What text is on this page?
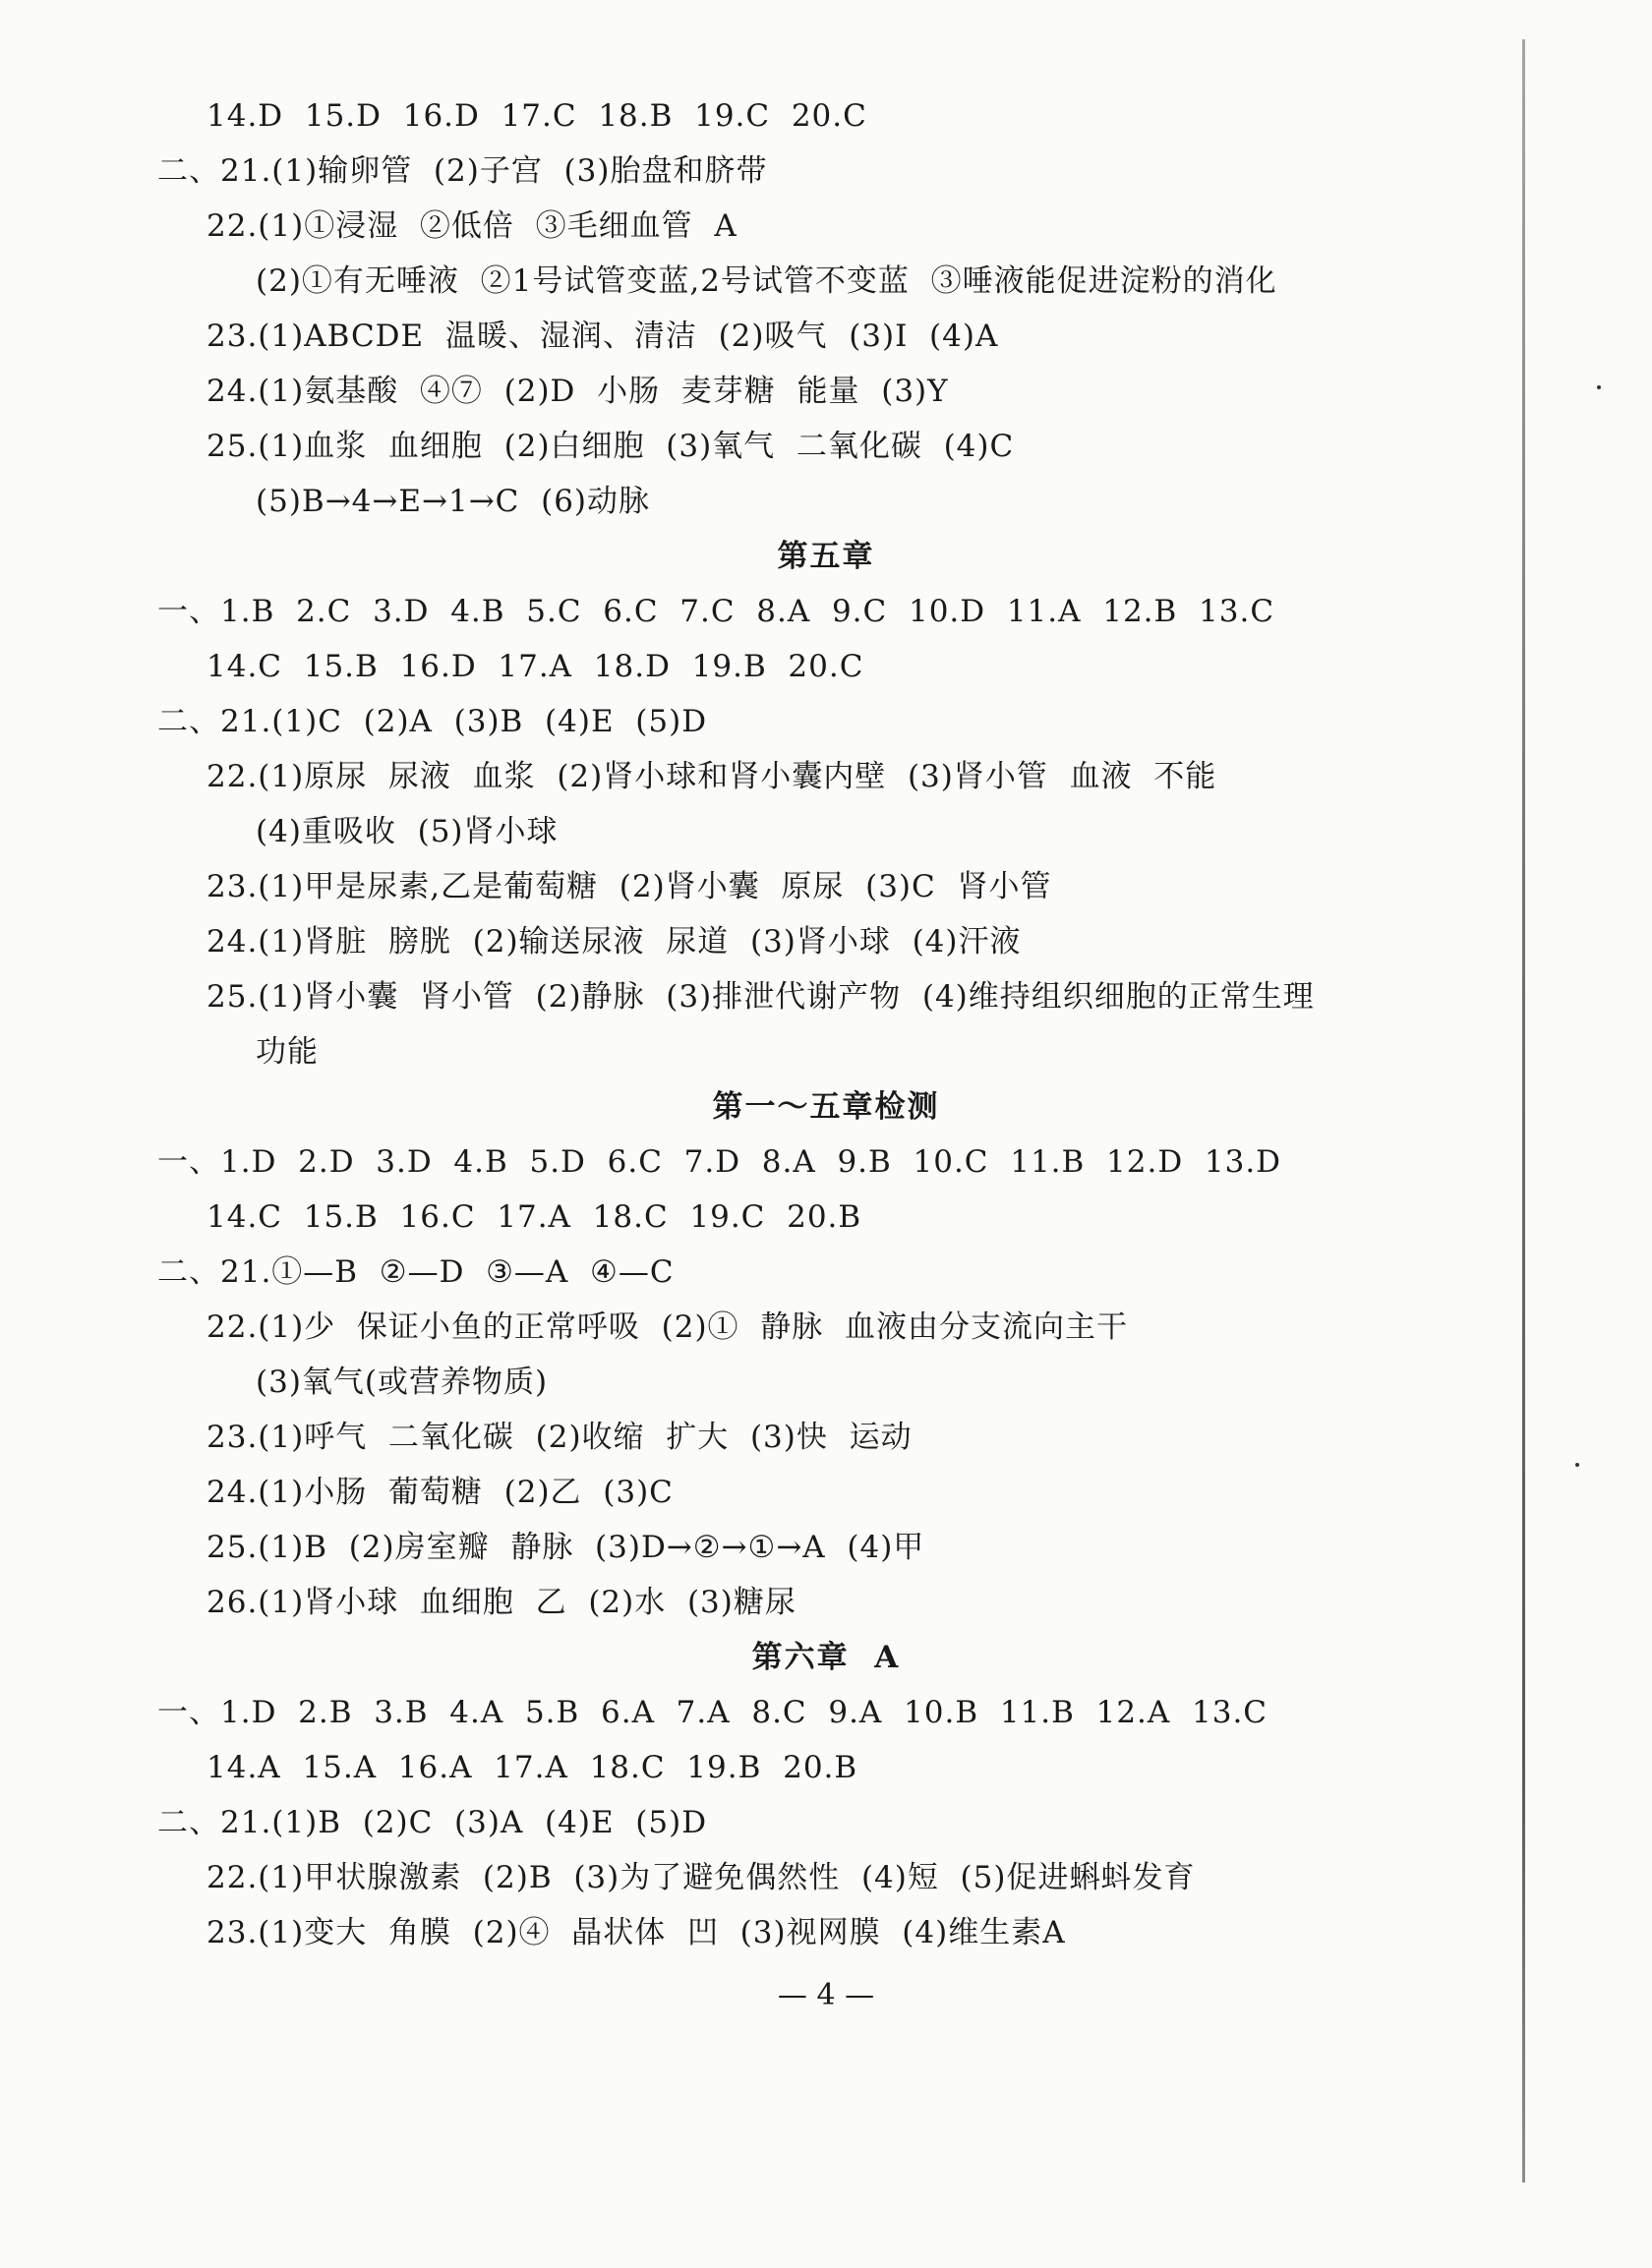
14.D  15.D  16.D  17.C  18.B  19.C  20.C
二、21.(1)输卵管  (2)子宫  (3)胎盘和脐带
22.(1)①浸湿  ②低倍  ③毛细血管  A
(2)①有无唾液  ②1号试管变蓝,2号试管不变蓝  ③唾液能促进淀粉的消化
23.(1)ABCDE  温暖、湿润、清洁  (2)吸气  (3)I  (4)A
24.(1)氨基酸  ④⑦  (2)D  小肠  麦芽糖  能量  (3)Y
25.(1)血浆  血细胞  (2)白细胞  (3)氧气  二氧化碳  (4)C
(5)B→4→E→1→C  (6)动脉
第五章
一、1.B  2.C  3.D  4.B  5.C  6.C  7.C  8.A  9.C  10.D  11.A  12.B  13.C
14.C  15.B  16.D  17.A  18.D  19.B  20.C
二、21.(1)C  (2)A  (3)B  (4)E  (5)D
22.(1)原尿  尿液  血浆  (2)肾小球和肾小囊内壁  (3)肾小管  血液  不能
(4)重吸收  (5)肾小球
23.(1)甲是尿素,乙是葡萄糖  (2)肾小囊  原尿  (3)C  肾小管
24.(1)肾脏  膀胱  (2)输送尿液  尿道  (3)肾小球  (4)汗液
25.(1)肾小囊  肾小管  (2)静脉  (3)排泄代谢产物  (4)维持组织细胞的正常生理
功能
第一～五章检测
一、1.D  2.D  3.D  4.B  5.D  6.C  7.D  8.A  9.B  10.C  11.B  12.D  13.D
14.C  15.B  16.C  17.A  18.C  19.C  20.B
二、21.①—B  ②—D  ③—A  ④—C
22.(1)少  保证小鱼的正常呼吸  (2)①  静脉  血液由分支流向主干
(3)氧气(或营养物质)
23.(1)呼气  二氧化碳  (2)收缩  扩大  (3)快  运动
24.(1)小肠  葡萄糖  (2)乙  (3)C
25.(1)B  (2)房室瓣  静脉  (3)D→②→①→A  (4)甲
26.(1)肾小球  血细胞  乙  (2)水  (3)糖尿
第六章  A
一、1.D  2.B  3.B  4.A  5.B  6.A  7.A  8.C  9.A  10.B  11.B  12.A  13.C
14.A  15.A  16.A  17.A  18.C  19.B  20.B
二、21.(1)B  (2)C  (3)A  (4)E  (5)D
22.(1)甲状腺激素  (2)B  (3)为了避免偶然性  (4)短  (5)促进蝌蚪发育
23.(1)变大  角膜  (2)④  晶状体  凹  (3)视网膜  (4)维生素A
— 4 —
